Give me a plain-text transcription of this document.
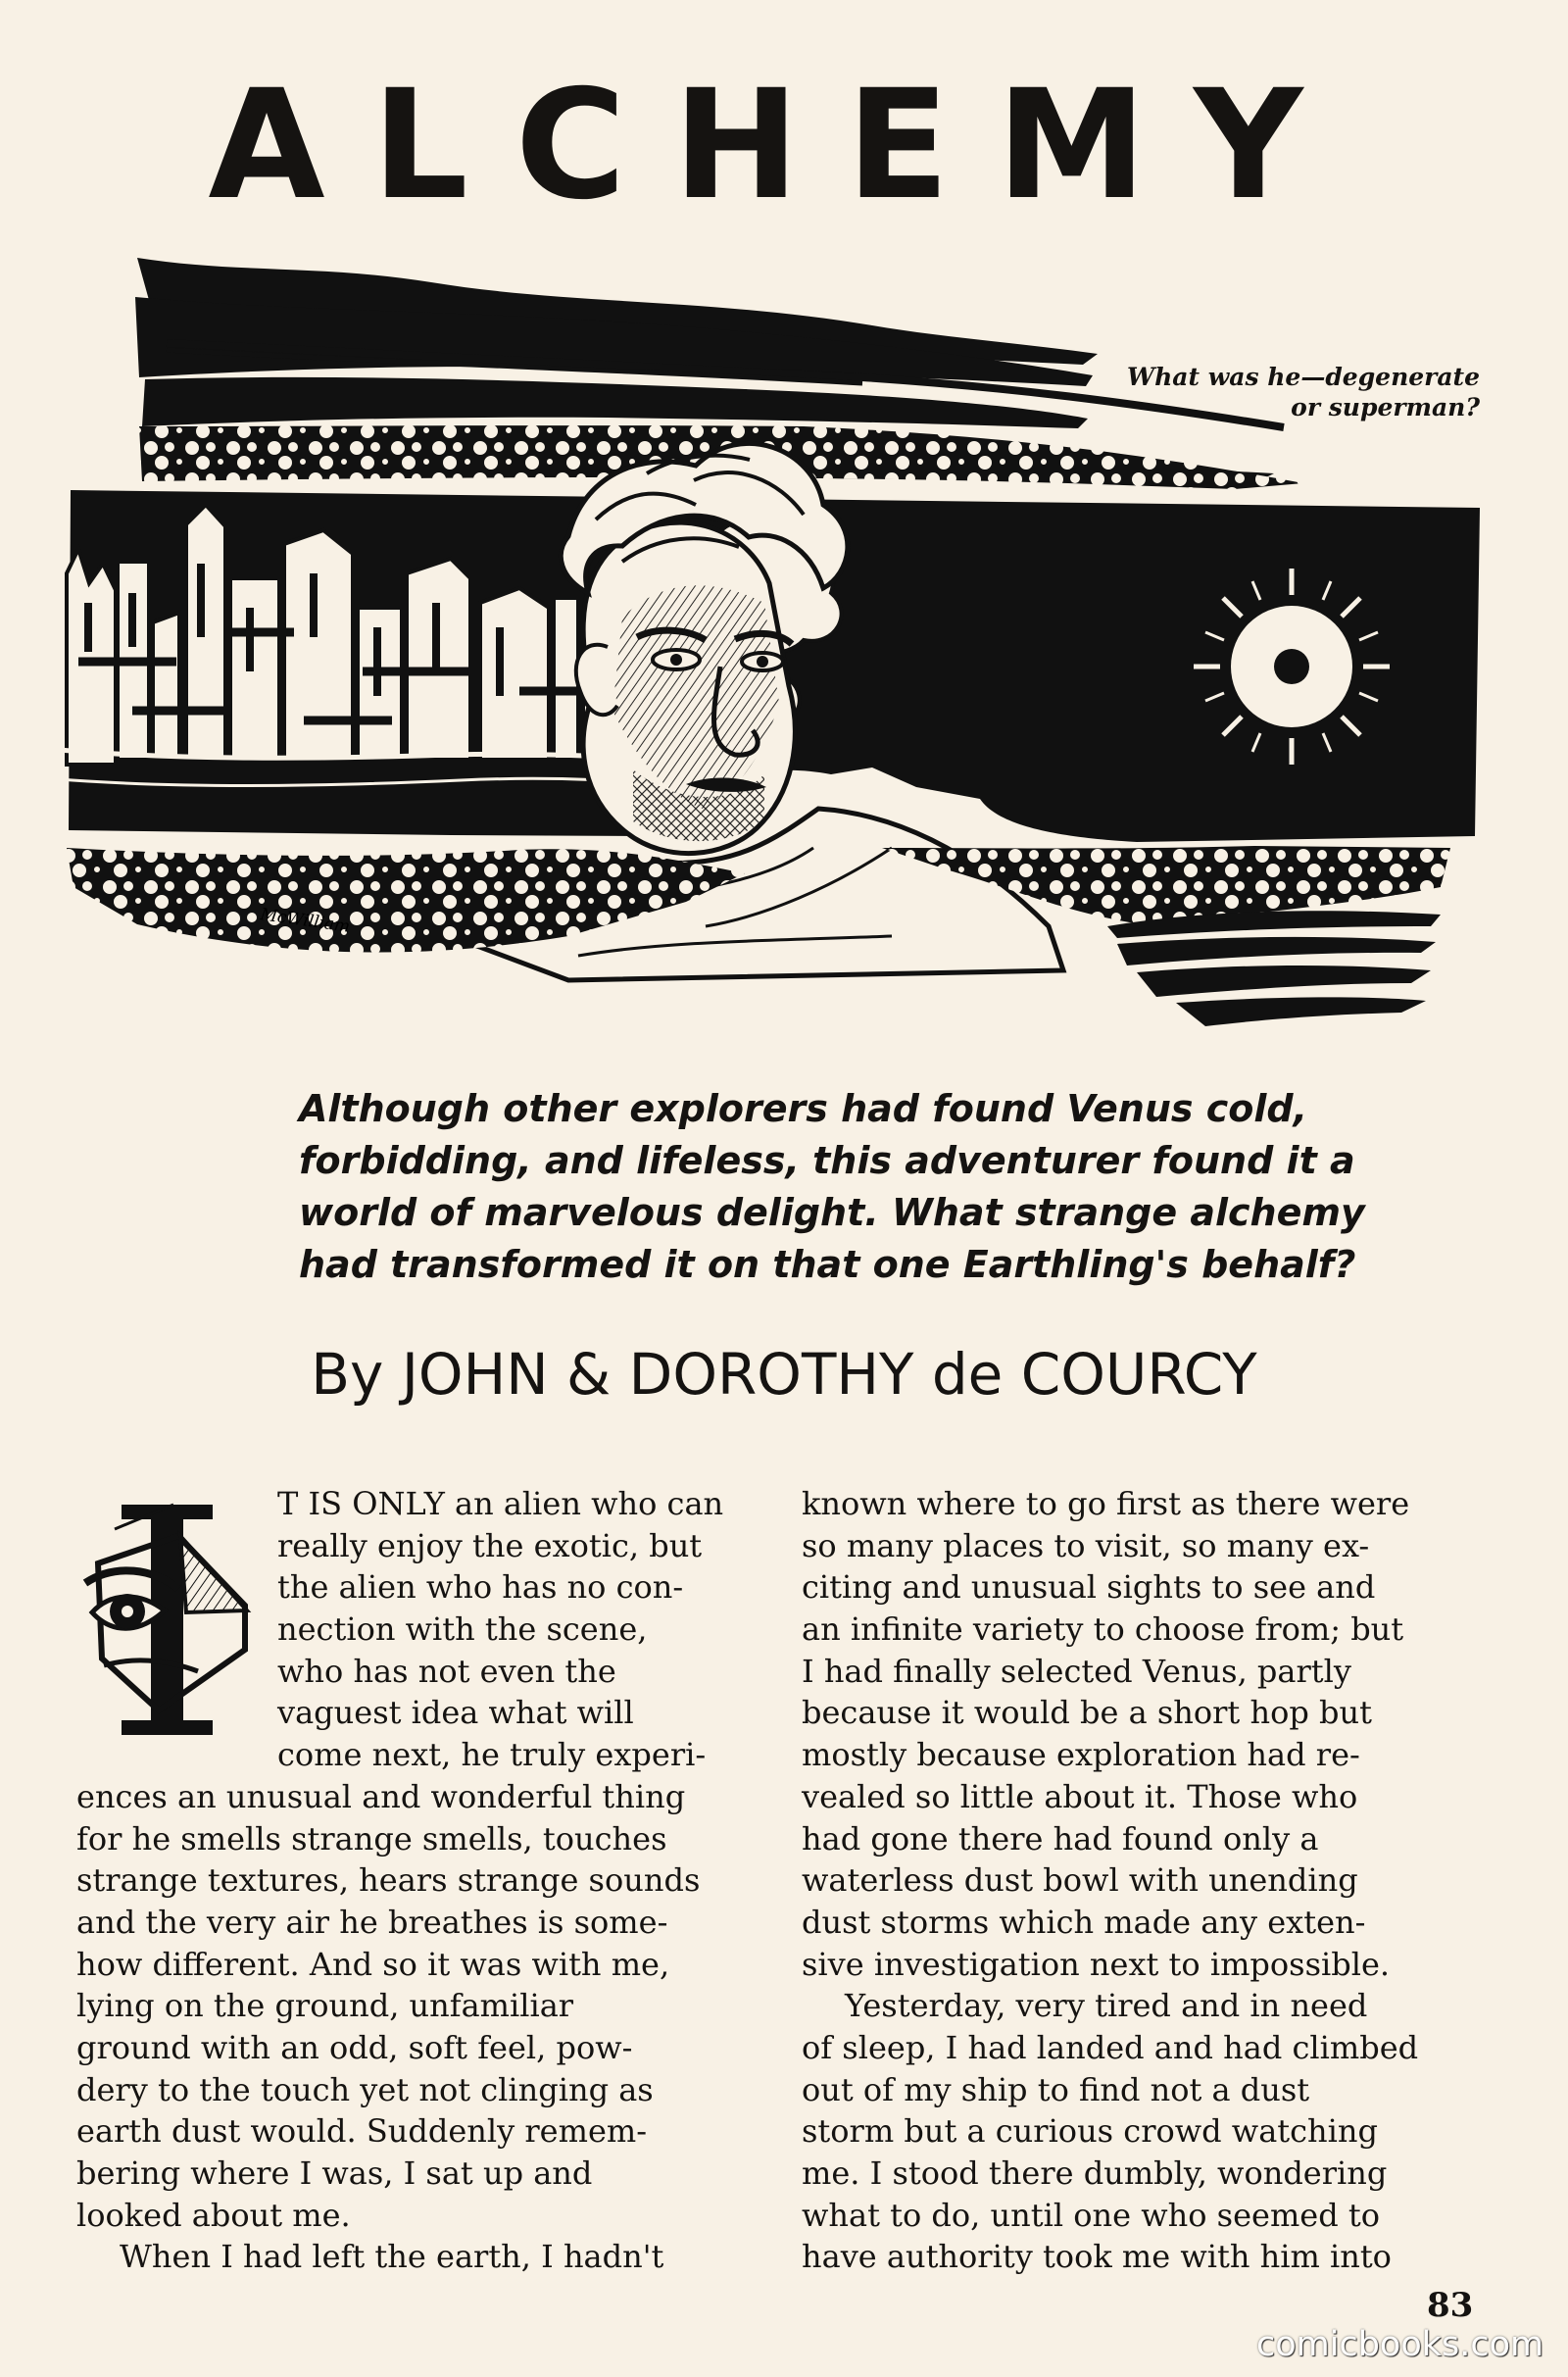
ALCHEMY
McWilliam
What was he—degenerate
or superman?
Although other explorers had found Venus cold,
forbidding, and lifeless, this adventurer found it a
world of marvelous delight. What strange alchemy
had transformed it on that one Earthling's behalf?
By JOHN & DOROTHY de COURCY
I	T IS ONLY an alien who can
really enjoy the exotic, but
the alien who has no con-
nection with the scene,
who has not even the
vaguest idea what will
come next, he truly experi-
ences an unusual and wonderful thing
for he smells strange smells, touches
strange textures, hears strange sounds
and the very air he breathes is some-
how different. And so it was with me,
lying on the ground, unfamiliar
ground with an odd, soft feel, pow-
dery to the touch yet not clinging as
earth dust would. Suddenly remem-
bering where I was, I sat up and
looked about me.
When I had left the earth, I hadn't
known where to go first as there were
so many places to visit, so many ex-
citing and unusual sights to see and
an infinite variety to choose from; but
I had finally selected Venus, partly
because it would be a short hop but
mostly because exploration had re-
vealed so little about it. Those who
had gone there had found only a
waterless dust bowl with unending
dust storms which made any exten-
sive investigation next to impossible.
Yesterday, very tired and in need
of sleep, I had landed and had climbed
out of my ship to find not a dust
storm but a curious crowd watching
me. I stood there dumbly, wondering
what to do, until one who seemed to
have authority took me with him into
83
comicbooks.com
